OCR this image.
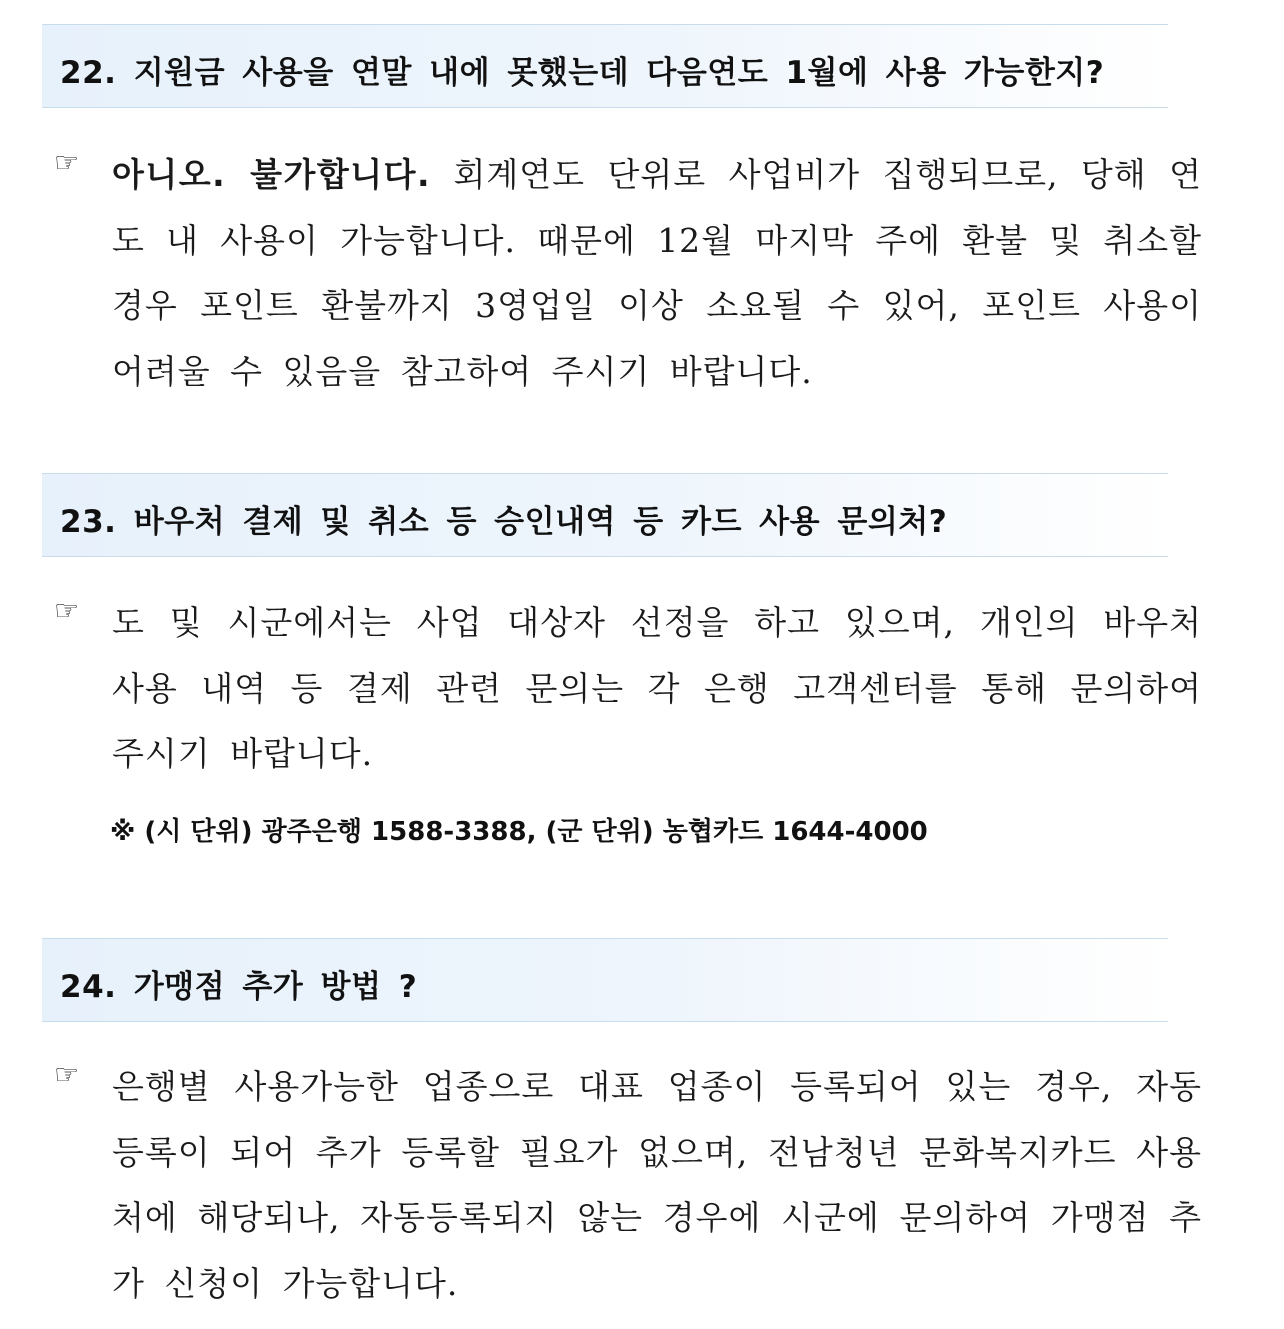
22. 지원금 사용을 연말 내에 못했는데 다음연도 1월에 사용 가능한지?
☞ 아니오. 불가합니다. 회계연도 단위로 사업비가 집행되므로, 당해 연도 내 사용이 가능합니다. 때문에 12월 마지막 주에 환불 및 취소할 경우 포인트 환불까지 3영업일 이상 소요될 수 있어, 포인트 사용이 어려울 수 있음을 참고하여 주시기 바랍니다.
23. 바우처 결제 및 취소 등 승인내역 등 카드 사용 문의처?
☞ 도 및 시군에서는 사업 대상자 선정을 하고 있으며, 개인의 바우처 사용 내역 등 결제 관련 문의는 각 은행 고객센터를 통해 문의하여 주시기 바랍니다.
※ (시 단위) 광주은행 1588-3388, (군 단위) 농협카드 1644-4000
24. 가맹점 추가 방법 ?
☞ 은행별 사용가능한 업종으로 대표 업종이 등록되어 있는 경우, 자동 등록이 되어 추가 등록할 필요가 없으며, 전남청년 문화복지카드 사용처에 해당되나, 자동등록되지 않는 경우에 시군에 문의하여 가맹점 추가 신청이 가능합니다.
